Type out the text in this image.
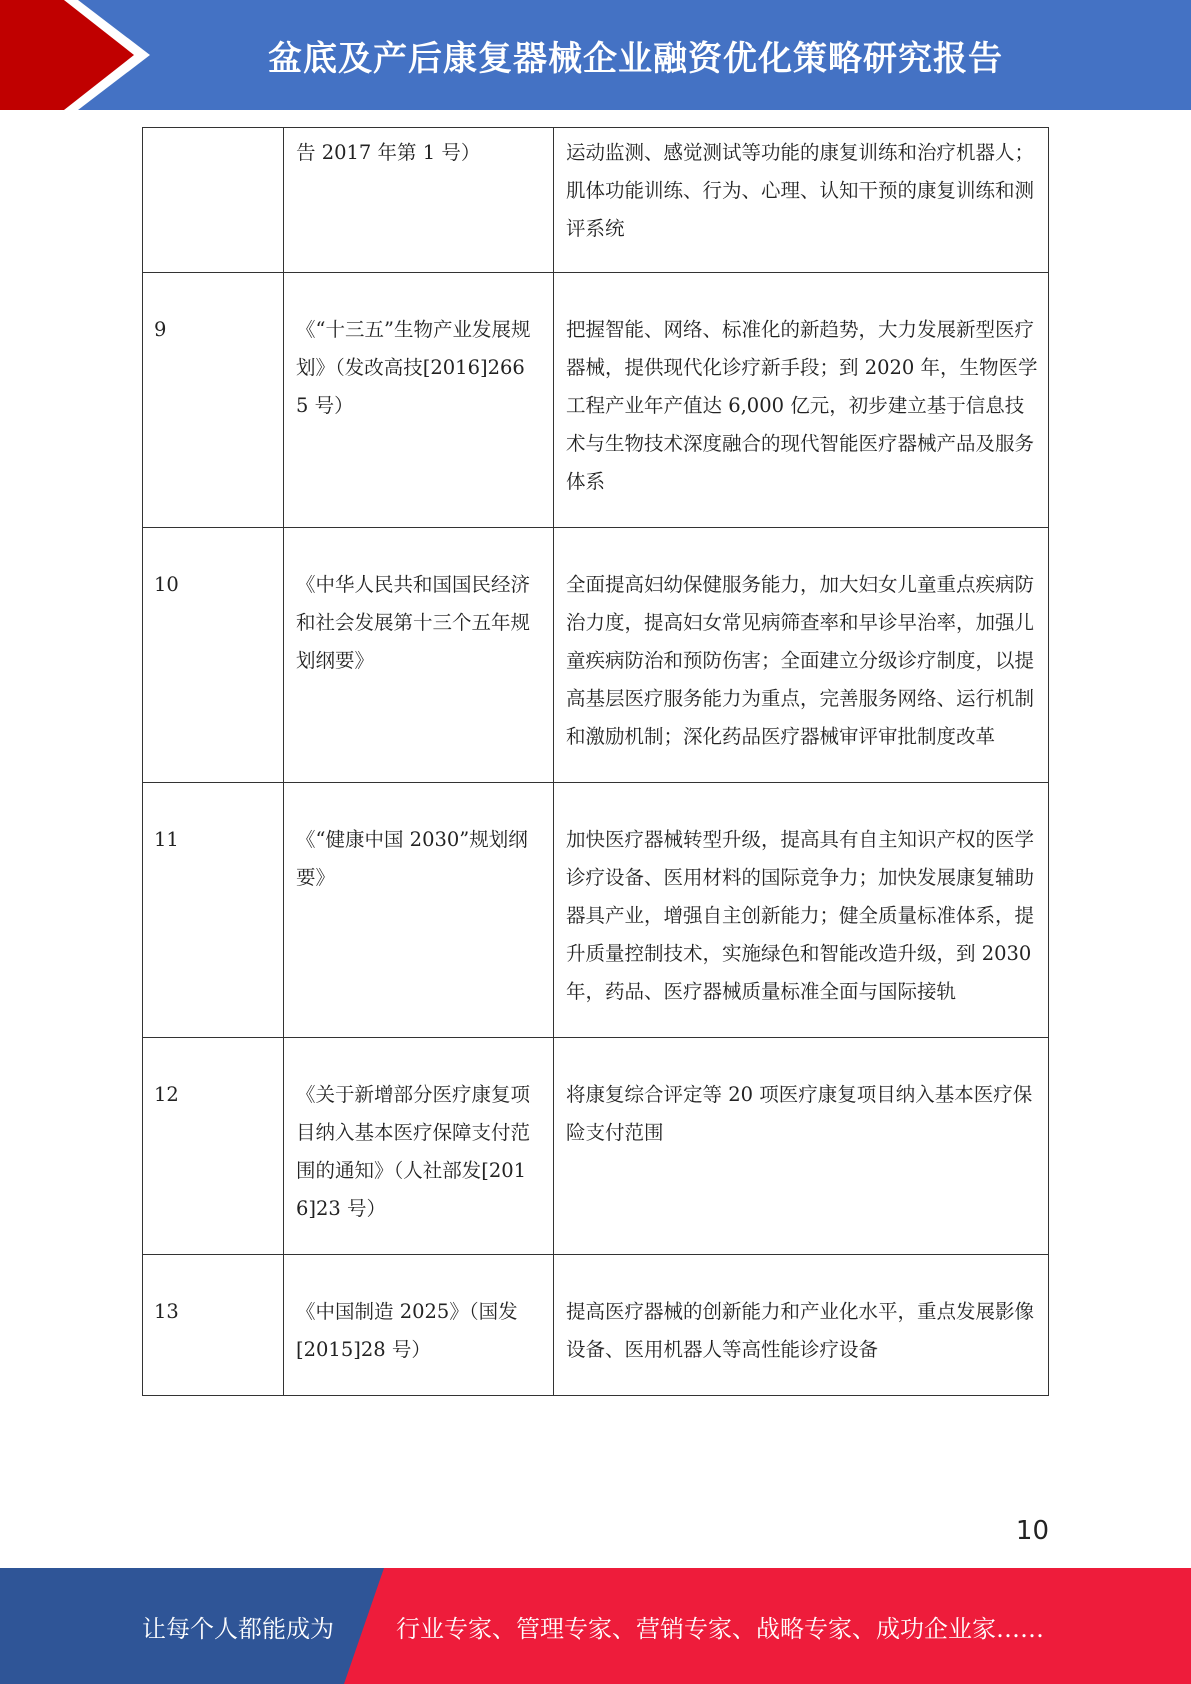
盆底及产后康复器械企业融资优化策略研究报告
	告 2017 年第 1 号）	运动监测、感觉测试等功能的康复训练和治疗机器人；肌体功能训练、行为、心理、认知干预的康复训练和测评系统
9	《“十三五”生物产业发展规划》（发改高技[2016]2665 号）	把握智能、网络、标准化的新趋势，大力发展新型医疗器械，提供现代化诊疗新手段；到 2020 年，生物医学工程产业年产值达 6,000 亿元，初步建立基于信息技术与生物技术深度融合的现代智能医疗器械产品及服务体系
10	《中华人民共和国国民经济和社会发展第十三个五年规划纲要》	全面提高妇幼保健服务能力，加大妇女儿童重点疾病防治力度，提高妇女常见病筛查率和早诊早治率，加强儿童疾病防治和预防伤害；全面建立分级诊疗制度，以提高基层医疗服务能力为重点，完善服务网络、运行机制和激励机制；深化药品医疗器械审评审批制度改革
11	《“健康中国 2030”规划纲要》	加快医疗器械转型升级，提高具有自主知识产权的医学诊疗设备、医用材料的国际竞争力；加快发展康复辅助器具产业，增强自主创新能力；健全质量标准体系，提升质量控制技术，实施绿色和智能改造升级，到 2030 年，药品、医疗器械质量标准全面与国际接轨
12	《关于新增部分医疗康复项目纳入基本医疗保障支付范围的通知》（人社部发[2016]23 号）	将康复综合评定等 20 项医疗康复项目纳入基本医疗保险支付范围
13	《中国制造 2025》（国发[2015]28 号）	提高医疗器械的创新能力和产业化水平，重点发展影像设备、医用机器人等高性能诊疗设备
10
让每个人都能成为	行业专家、管理专家、营销专家、战略专家、成功企业家……
